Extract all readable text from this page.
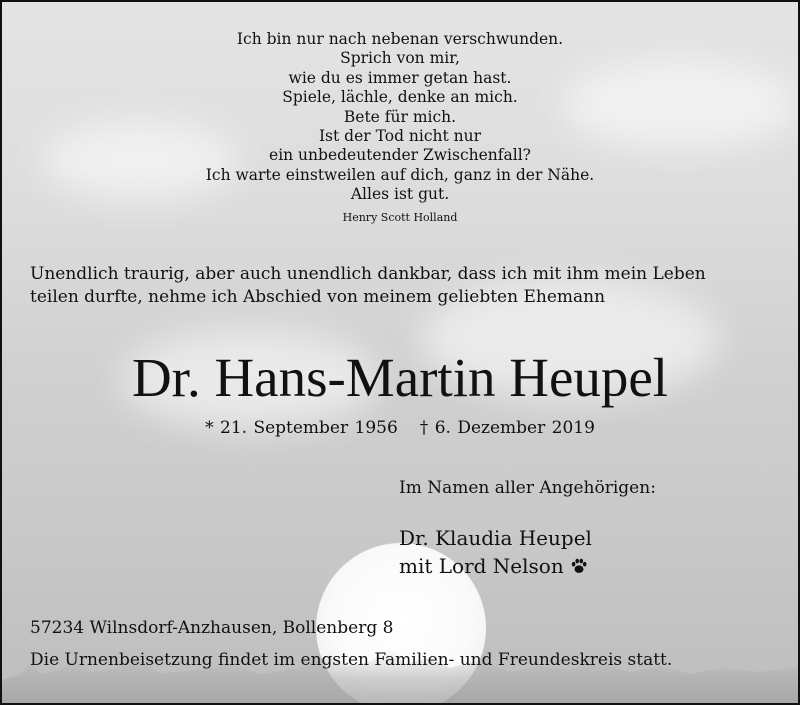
Ich bin nur nach nebenan verschwunden.
Sprich von mir,
wie du es immer getan hast.
Spiele, lächle, denke an mich.
Bete für mich.
Ist der Tod nicht nur
ein unbedeutender Zwischenfall?
Ich warte einstweilen auf dich, ganz in der Nähe.
Alles ist gut.
Henry Scott Holland
Unendlich traurig, aber auch unendlich dankbar, dass ich mit ihm mein Leben
teilen durfte, nehme ich Abschied von meinem geliebten Ehemann
Dr. Hans-Martin Heupel
* 21. September 1956 † 6. Dezember 2019
Im Namen aller Angehörigen:
Dr. Klaudia Heupel
mit Lord Nelson
57234 Wilnsdorf-Anzhausen, Bollenberg 8
Die Urnenbeisetzung findet im engsten Familien- und Freundeskreis statt.
